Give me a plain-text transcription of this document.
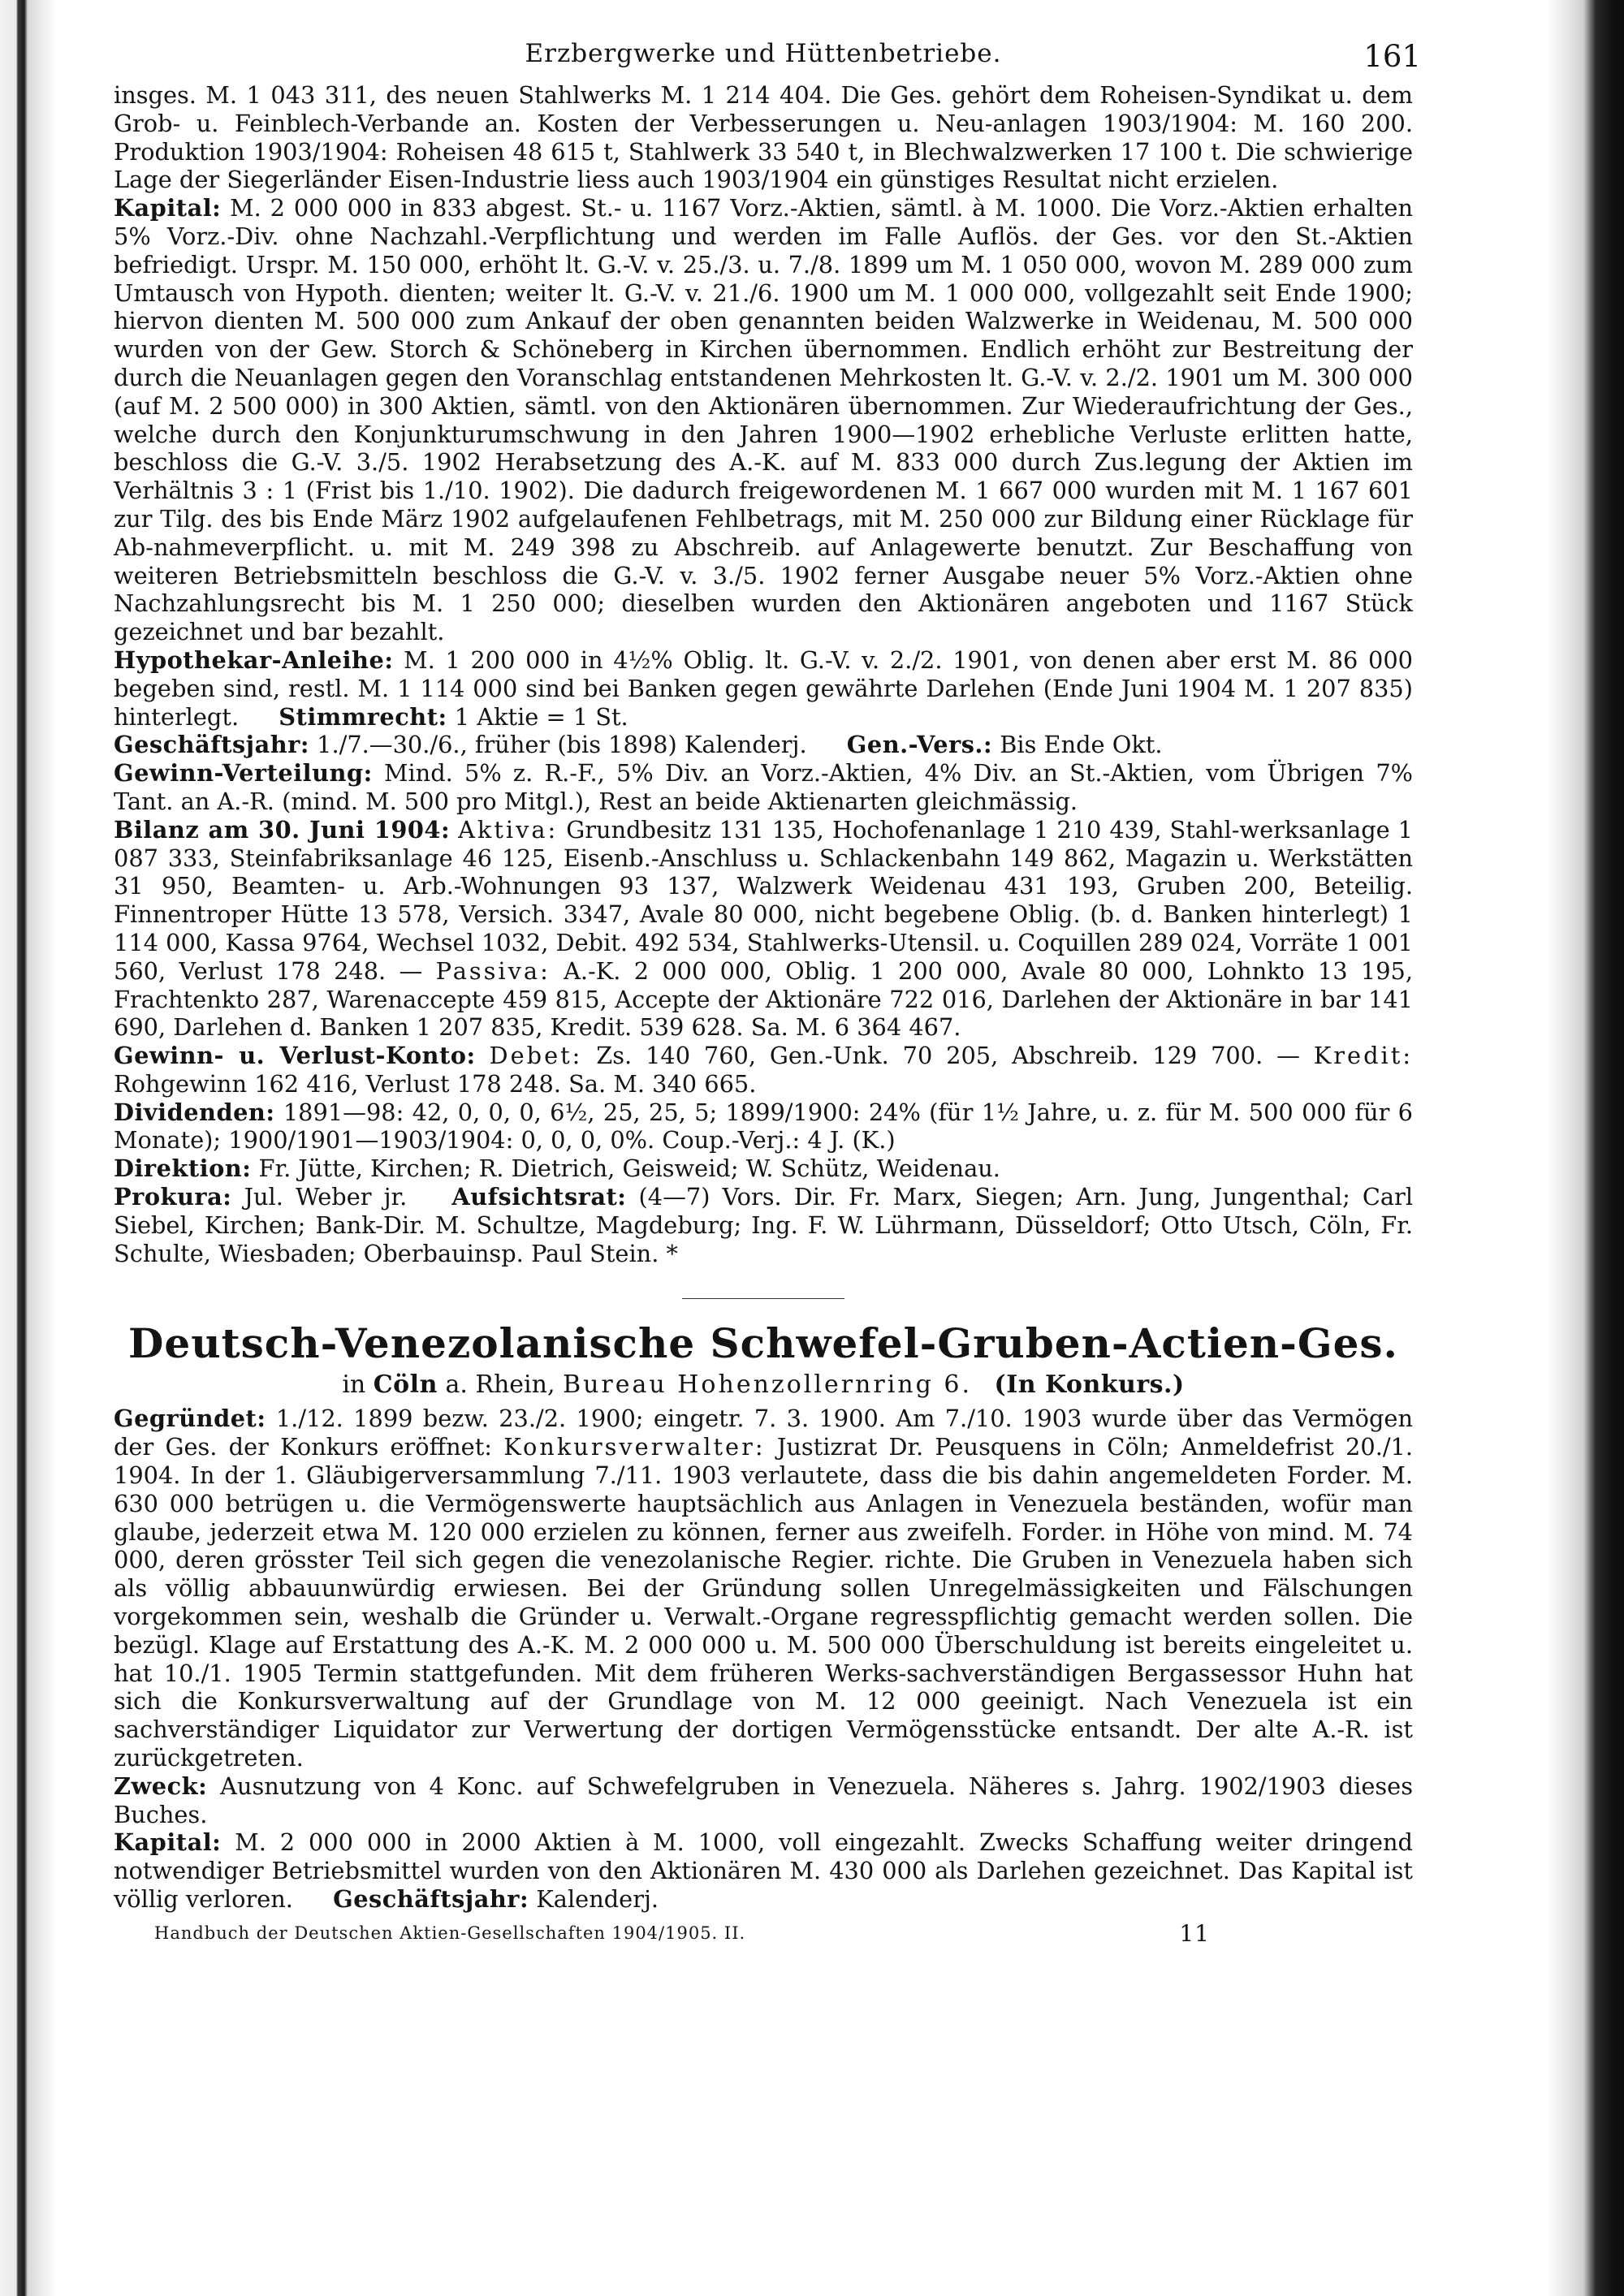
Erzbergwerke und Hüttenbetriebe.	161

insges. M. 1 043 311, des neuen Stahlwerks M. 1 214 404. Die Ges. gehört dem Roheisen-Syndikat u. dem Grob- u. Feinblech-Verbande an. Kosten der Verbesserungen u. Neu-anlagen 1903/1904: M. 160 200. Produktion 1903/1904: Roheisen 48 615 t, Stahlwerk 33 540 t, in Blechwalzwerken 17 100 t. Die schwierige Lage der Siegerländer Eisen-Industrie liess auch 1903/1904 ein günstiges Resultat nicht erzielen.

Kapital: M. 2 000 000 in 833 abgest. St.- u. 1167 Vorz.-Aktien, sämtl. à M. 1000. Die Vorz.-Aktien erhalten 5% Vorz.-Div. ohne Nachzahl.-Verpflichtung und werden im Falle Auflös. der Ges. vor den St.-Aktien befriedigt. Urspr. M. 150 000, erhöht lt. G.-V. v. 25./3. u. 7./8. 1899 um M. 1 050 000, wovon M. 289 000 zum Umtausch von Hypoth. dienten; weiter lt. G.-V. v. 21./6. 1900 um M. 1 000 000, vollgezahlt seit Ende 1900; hiervon dienten M. 500 000 zum Ankauf der oben genannten beiden Walzwerke in Weidenau, M. 500 000 wurden von der Gew. Storch & Schöneberg in Kirchen übernommen. Endlich erhöht zur Bestreitung der durch die Neuanlagen gegen den Voranschlag entstandenen Mehrkosten lt. G.-V. v. 2./2. 1901 um M. 300 000 (auf M. 2 500 000) in 300 Aktien, sämtl. von den Aktionären übernommen. Zur Wiederaufrichtung der Ges., welche durch den Konjunkturumschwung in den Jahren 1900—1902 erhebliche Verluste erlitten hatte, beschloss die G.-V. 3./5. 1902 Herabsetzung des A.-K. auf M. 833 000 durch Zus.legung der Aktien im Verhältnis 3 : 1 (Frist bis 1./10. 1902). Die dadurch freigewordenen M. 1 667 000 wurden mit M. 1 167 601 zur Tilg. des bis Ende März 1902 aufgelaufenen Fehlbetrags, mit M. 250 000 zur Bildung einer Rücklage für Ab-nahmeverpflicht. u. mit M. 249 398 zu Abschreib. auf Anlagewerte benutzt. Zur Beschaffung von weiteren Betriebsmitteln beschloss die G.-V. v. 3./5. 1902 ferner Ausgabe neuer 5% Vorz.-Aktien ohne Nachzahlungsrecht bis M. 1 250 000; dieselben wurden den Aktionären angeboten und 1167 Stück gezeichnet und bar bezahlt.

Hypothekar-Anleihe: M. 1 200 000 in 4½% Oblig. lt. G.-V. v. 2./2. 1901, von denen aber erst M. 86 000 begeben sind, restl. M. 1 114 000 sind bei Banken gegen gewährte Darlehen (Ende Juni 1904 M. 1 207 835) hinterlegt. Stimmrecht: 1 Aktie = 1 St.

Geschäftsjahr: 1./7.—30./6., früher (bis 1898) Kalenderj. Gen.-Vers.: Bis Ende Okt.

Gewinn-Verteilung: Mind. 5% z. R.-F., 5% Div. an Vorz.-Aktien, 4% Div. an St.-Aktien, vom Übrigen 7% Tant. an A.-R. (mind. M. 500 pro Mitgl.), Rest an beide Aktienarten gleichmässig.

Bilanz am 30. Juni 1904: Aktiva: Grundbesitz 131 135, Hochofenanlage 1 210 439, Stahl-werksanlage 1 087 333, Steinfabriksanlage 46 125, Eisenb.-Anschluss u. Schlackenbahn 149 862, Magazin u. Werkstätten 31 950, Beamten- u. Arb.-Wohnungen 93 137, Walzwerk Weidenau 431 193, Gruben 200, Beteilig. Finnentroper Hütte 13 578, Versich. 3347, Avale 80 000, nicht begebene Oblig. (b. d. Banken hinterlegt) 1 114 000, Kassa 9764, Wechsel 1032, Debit. 492 534, Stahlwerks-Utensil. u. Coquillen 289 024, Vorräte 1 001 560, Verlust 178 248. — Passiva: A.-K. 2 000 000, Oblig. 1 200 000, Avale 80 000, Lohnkto 13 195, Frachtenkto 287, Warenaccepte 459 815, Accepte der Aktionäre 722 016, Darlehen der Aktionäre in bar 141 690, Darlehen d. Banken 1 207 835, Kredit. 539 628. Sa. M. 6 364 467.

Gewinn- u. Verlust-Konto: Debet: Zs. 140 760, Gen.-Unk. 70 205, Abschreib. 129 700. — Kredit: Rohgewinn 162 416, Verlust 178 248. Sa. M. 340 665.

Dividenden: 1891—98: 42, 0, 0, 0, 6½, 25, 25, 5; 1899/1900: 24% (für 1½ Jahre, u. z. für M. 500 000 für 6 Monate); 1900/1901—1903/1904: 0, 0, 0, 0%. Coup.-Verj.: 4 J. (K.)

Direktion: Fr. Jütte, Kirchen; R. Dietrich, Geisweid; W. Schütz, Weidenau.

Prokura: Jul. Weber jr. Aufsichtsrat: (4—7) Vors. Dir. Fr. Marx, Siegen; Arn. Jung, Jungenthal; Carl Siebel, Kirchen; Bank-Dir. M. Schultze, Magdeburg; Ing. F. W. Lührmann, Düsseldorf; Otto Utsch, Cöln, Fr. Schulte, Wiesbaden; Oberbauinsp. Paul Stein. *

Deutsch-Venezolanische Schwefel-Gruben-Actien-Ges.
in Cöln a. Rhein, Bureau Hohenzollernring 6. (In Konkurs.)

Gegründet: 1./12. 1899 bezw. 23./2. 1900; eingetr. 7. 3. 1900. Am 7./10. 1903 wurde über das Vermögen der Ges. der Konkurs eröffnet: Konkursverwalter: Justizrat Dr. Peusquens in Cöln; Anmeldefrist 20./1. 1904. In der 1. Gläubigerversammlung 7./11. 1903 verlautete, dass die bis dahin angemeldeten Forder. M. 630 000 betrügen u. die Vermögenswerte hauptsächlich aus Anlagen in Venezuela beständen, wofür man glaube, jederzeit etwa M. 120 000 erzielen zu können, ferner aus zweifelh. Forder. in Höhe von mind. M. 74 000, deren grösster Teil sich gegen die venezolanische Regier. richte. Die Gruben in Venezuela haben sich als völlig abbauunwürdig erwiesen. Bei der Gründung sollen Unregelmässigkeiten und Fälschungen vorgekommen sein, weshalb die Gründer u. Verwalt.-Organe regresspflichtig gemacht werden sollen. Die bezügl. Klage auf Erstattung des A.-K. M. 2 000 000 u. M. 500 000 Überschuldung ist bereits eingeleitet u. hat 10./1. 1905 Termin stattgefunden. Mit dem früheren Werks-sachverständigen Bergassessor Huhn hat sich die Konkursverwaltung auf der Grundlage von M. 12 000 geeinigt. Nach Venezuela ist ein sachverständiger Liquidator zur Verwertung der dortigen Vermögensstücke entsandt. Der alte A.-R. ist zurückgetreten.

Zweck: Ausnutzung von 4 Konc. auf Schwefelgruben in Venezuela. Näheres s. Jahrg. 1902/1903 dieses Buches.

Kapital: M. 2 000 000 in 2000 Aktien à M. 1000, voll eingezahlt. Zwecks Schaffung weiter dringend notwendiger Betriebsmittel wurden von den Aktionären M. 430 000 als Darlehen gezeichnet. Das Kapital ist völlig verloren. Geschäftsjahr: Kalenderj.

Handbuch der Deutschen Aktien-Gesellschaften 1904/1905. II.	11
